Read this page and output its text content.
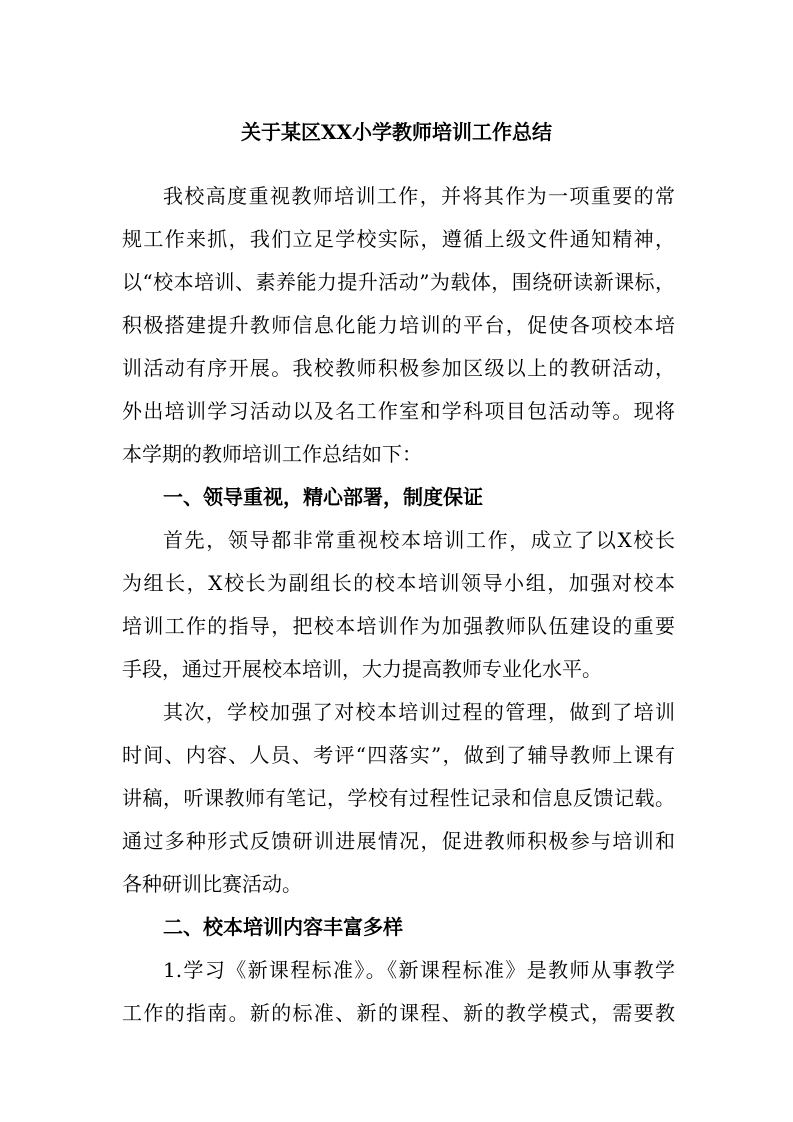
关于某区XX小学教师培训工作总结
我校高度重视教师培训工作，并将其作为一项重要的常
规工作来抓，我们立足学校实际，遵循上级文件通知精神，
以“校本培训、素养能力提升活动”为载体，围绕研读新课标，
积极搭建提升教师信息化能力培训的平台，促使各项校本培
训活动有序开展。我校教师积极参加区级以上的教研活动，
外出培训学习活动以及名工作室和学科项目包活动等。现将
本学期的教师培训工作总结如下：
一、领导重视，精心部署，制度保证
首先，领导都非常重视校本培训工作，成立了以X校长
为组长，X校长为副组长的校本培训领导小组，加强对校本
培训工作的指导，把校本培训作为加强教师队伍建设的重要
手段，通过开展校本培训，大力提高教师专业化水平。
其次，学校加强了对校本培训过程的管理，做到了培训
时间、内容、人员、考评“四落实”，做到了辅导教师上课有
讲稿，听课教师有笔记，学校有过程性记录和信息反馈记载。
通过多种形式反馈研训进展情况，促进教师积极参与培训和
各种研训比赛活动。
二、校本培训内容丰富多样
1.学习《新课程标准》。《新课程标准》是教师从事教学
工作的指南。新的标准、新的课程、新的教学模式，需要教
